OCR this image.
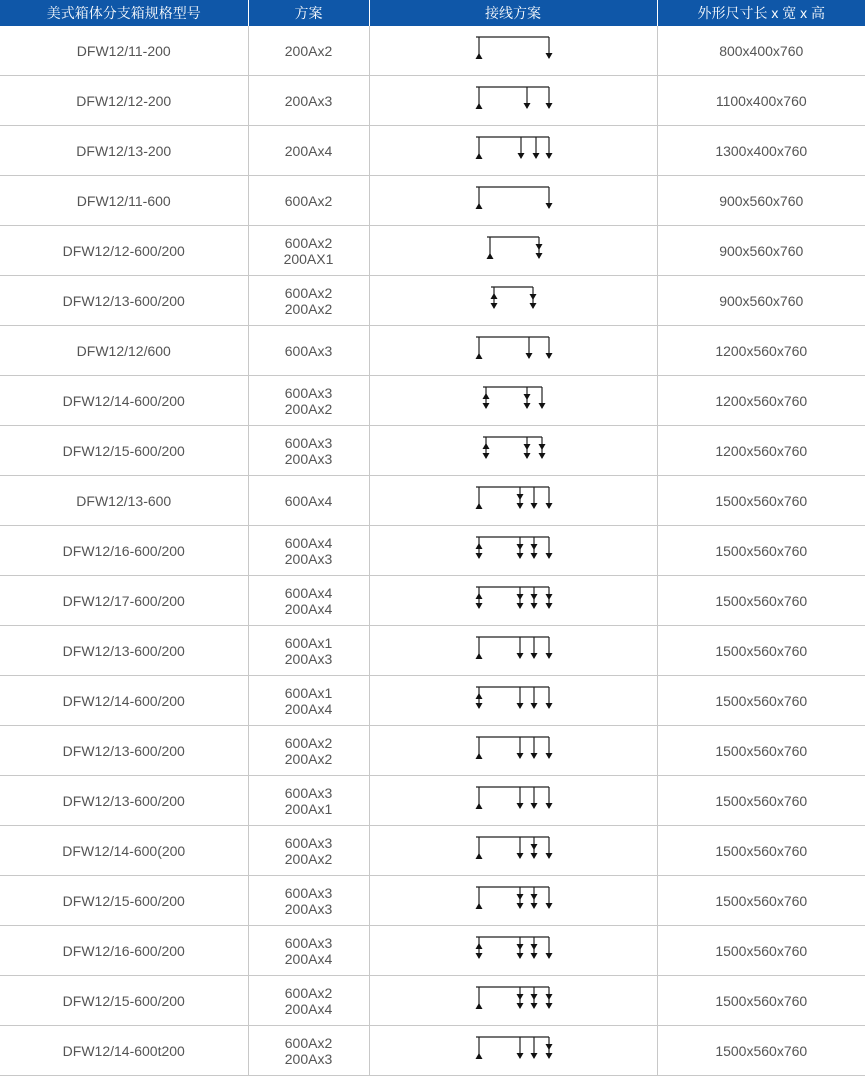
美式箱体分支箱规格型号	方案	接线方案	外形尺寸长 x 宽 x 高
DFW12/11-200	200Ax2		800x400x760
DFW12/12-200	200Ax3		1100x400x760
DFW12/13-200	200Ax4		1300x400x760
DFW12/11-600	600Ax2		900x560x760
DFW12/12-600/200	600Ax2
200AX1		900x560x760
DFW12/13-600/200	600Ax2
200Ax2		900x560x760
DFW12/12/600	600Ax3		1200x560x760
DFW12/14-600/200	600Ax3
200Ax2		1200x560x760
DFW12/15-600/200	600Ax3
200Ax3		1200x560x760
DFW12/13-600	600Ax4		1500x560x760
DFW12/16-600/200	600Ax4
200Ax3		1500x560x760
DFW12/17-600/200	600Ax4
200Ax4		1500x560x760
DFW12/13-600/200	600Ax1
200Ax3		1500x560x760
DFW12/14-600/200	600Ax1
200Ax4		1500x560x760
DFW12/13-600/200	600Ax2
200Ax2		1500x560x760
DFW12/13-600/200	600Ax3
200Ax1		1500x560x760
DFW12/14-600(200	600Ax3
200Ax2		1500x560x760
DFW12/15-600/200	600Ax3
200Ax3		1500x560x760
DFW12/16-600/200	600Ax3
200Ax4		1500x560x760
DFW12/15-600/200	600Ax2
200Ax4		1500x560x760
DFW12/14-600t200	600Ax2
200Ax3		1500x560x760
